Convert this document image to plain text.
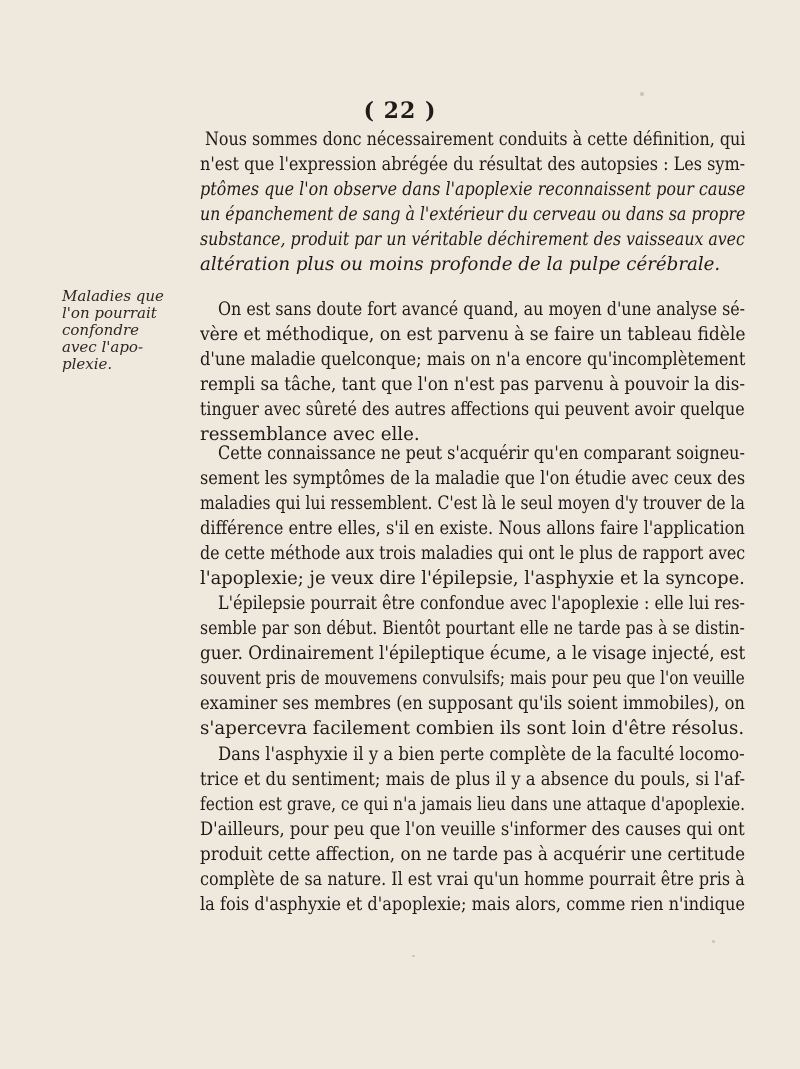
( 22 )
Maladies que
l'on pourrait
confondre
avec l'apo-
plexie.
Nous sommes donc nécessairement conduits à cette définition, qui
n'est que l'expression abrégée du résultat des autopsies : Les sym-
ptômes que l'on observe dans l'apoplexie reconnaissent pour cause
un épanchement de sang à l'extérieur du cerveau ou dans sa propre
substance, produit par un véritable déchirement des vaisseaux avec
altération plus ou moins profonde de la pulpe cérébrale.
On est sans doute fort avancé quand, au moyen d'une analyse sé-
vère et méthodique, on est parvenu à se faire un tableau fidèle
d'une maladie quelconque; mais on n'a encore qu'incomplètement
rempli sa tâche, tant que l'on n'est pas parvenu à pouvoir la dis-
tinguer avec sûreté des autres affections qui peuvent avoir quelque
ressemblance avec elle.
Cette connaissance ne peut s'acquérir qu'en comparant soigneu-
sement les symptômes de la maladie que l'on étudie avec ceux des
maladies qui lui ressemblent. C'est là le seul moyen d'y trouver de la
différence entre elles, s'il en existe. Nous allons faire l'application
de cette méthode aux trois maladies qui ont le plus de rapport avec
l'apoplexie; je veux dire l'épilepsie, l'asphyxie et la syncope.
L'épilepsie pourrait être confondue avec l'apoplexie : elle lui res-
semble par son début. Bientôt pourtant elle ne tarde pas à se distin-
guer. Ordinairement l'épileptique écume, a le visage injecté, est
souvent pris de mouvemens convulsifs; mais pour peu que l'on veuille
examiner ses membres (en supposant qu'ils soient immobiles), on
s'apercevra facilement combien ils sont loin d'être résolus.
Dans l'asphyxie il y a bien perte complète de la faculté locomo-
trice et du sentiment; mais de plus il y a absence du pouls, si l'af-
fection est grave, ce qui n'a jamais lieu dans une attaque d'apoplexie.
D'ailleurs, pour peu que l'on veuille s'informer des causes qui ont
produit cette affection, on ne tarde pas à acquérir une certitude
complète de sa nature. Il est vrai qu'un homme pourrait être pris à
la fois d'asphyxie et d'apoplexie; mais alors, comme rien n'indique
